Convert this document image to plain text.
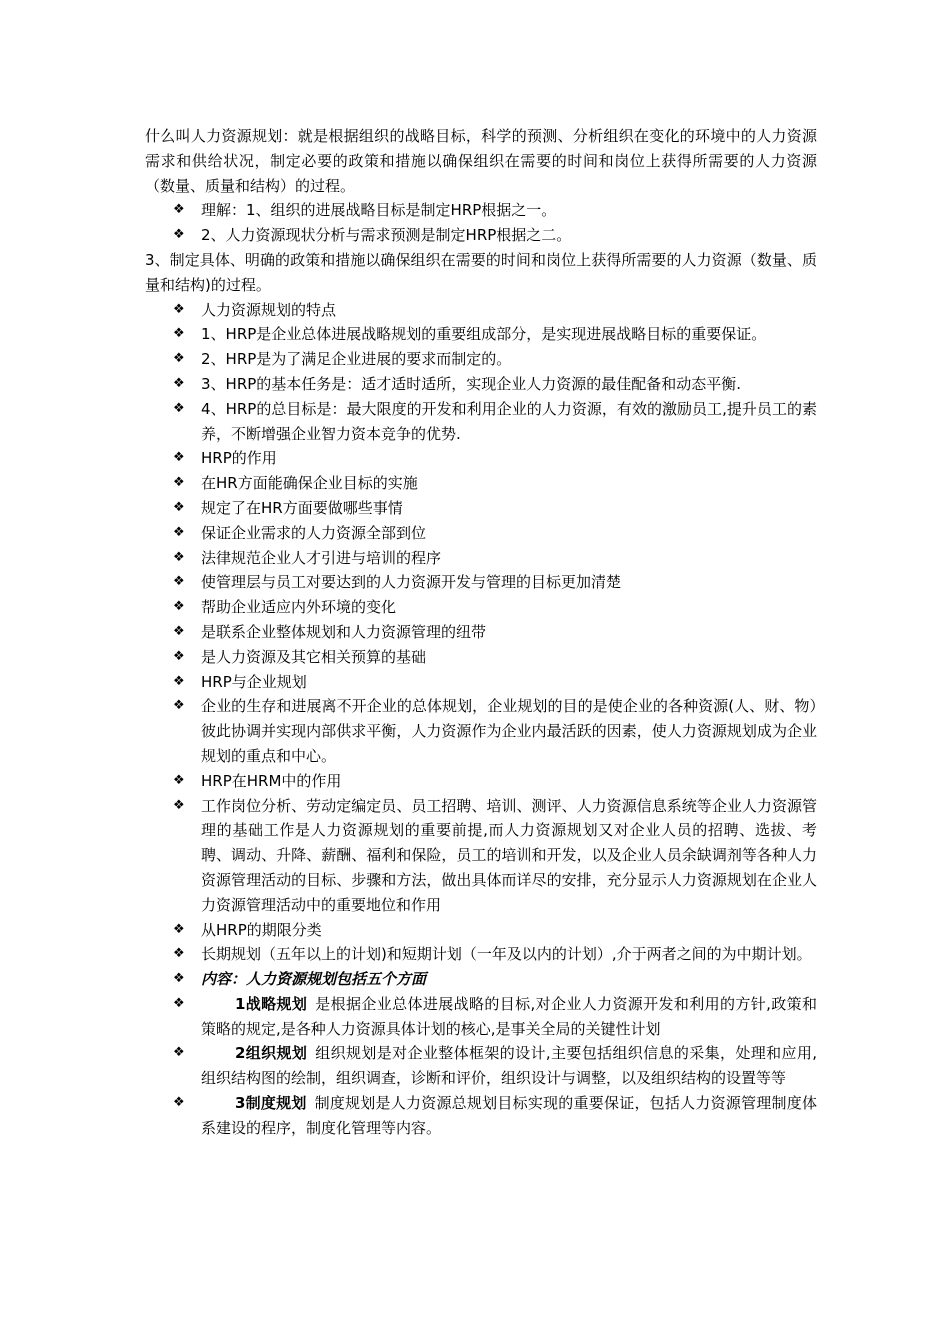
什么叫人力资源规划：就是根据组织的战略目标，科学的预测、分析组织在变化的环境中的人力资源需求和供给状况，制定必要的政策和措施以确保组织在需要的时间和岗位上获得所需要的人力资源（数量、质量和结构）的过程。

❖	理解：1、组织的进展战略目标是制定HRP根据之一。
❖	2、人力资源现状分析与需求预测是制定HRP根据之二。

3、制定具体、明确的政策和措施以确保组织在需要的时间和岗位上获得所需要的人力资源（数量、质量和结构)的过程。

❖	人力资源规划的特点
❖	1、HRP是企业总体进展战略规划的重要组成部分，是实现进展战略目标的重要保证。
❖	2、HRP是为了满足企业进展的要求而制定的。
❖	3、HRP的基本任务是：适才适时适所，实现企业人力资源的最佳配备和动态平衡.
❖	4、HRP的总目标是：最大限度的开发和利用企业的人力资源，有效的激励员工,提升员工的素养，不断增强企业智力资本竞争的优势.
❖	HRP的作用
❖	在HR方面能确保企业目标的实施
❖	规定了在HR方面要做哪些事情
❖	保证企业需求的人力资源全部到位
❖	法律规范企业人才引进与培训的程序
❖	使管理层与员工对要达到的人力资源开发与管理的目标更加清楚
❖	帮助企业适应内外环境的变化
❖	是联系企业整体规划和人力资源管理的纽带
❖	是人力资源及其它相关预算的基础
❖	HRP与企业规划
❖	企业的生存和进展离不开企业的总体规划，企业规划的目的是使企业的各种资源(人、财、物）彼此协调并实现内部供求平衡，人力资源作为企业内最活跃的因素，使人力资源规划成为企业规划的重点和中心。
❖	HRP在HRM中的作用
❖	工作岗位分析、劳动定编定员、员工招聘、培训、测评、人力资源信息系统等企业人力资源管理的基础工作是人力资源规划的重要前提,而人力资源规划又对企业人员的招聘、选拔、考聘、调动、升降、薪酬、福利和保险，员工的培训和开发，以及企业人员余缺调剂等各种人力资源管理活动的目标、步骤和方法，做出具体而详尽的安排，充分显示人力资源规划在企业人力资源管理活动中的重要地位和作用
❖	从HRP的期限分类
❖	长期规划（五年以上的计划)和短期计划（一年及以内的计划）,介于两者之间的为中期计划。
❖	内容：人力资源规划包括五个方面
❖	1战略规划 是根据企业总体进展战略的目标,对企业人力资源开发和利用的方针,政策和策略的规定,是各种人力资源具体计划的核心,是事关全局的关键性计划
❖	2组织规划 组织规划是对企业整体框架的设计,主要包括组织信息的采集，处理和应用,组织结构图的绘制，组织调查，诊断和评价，组织设计与调整，以及组织结构的设置等等
❖	3制度规划 制度规划是人力资源总规划目标实现的重要保证，包括人力资源管理制度体系建设的程序，制度化管理等内容。
